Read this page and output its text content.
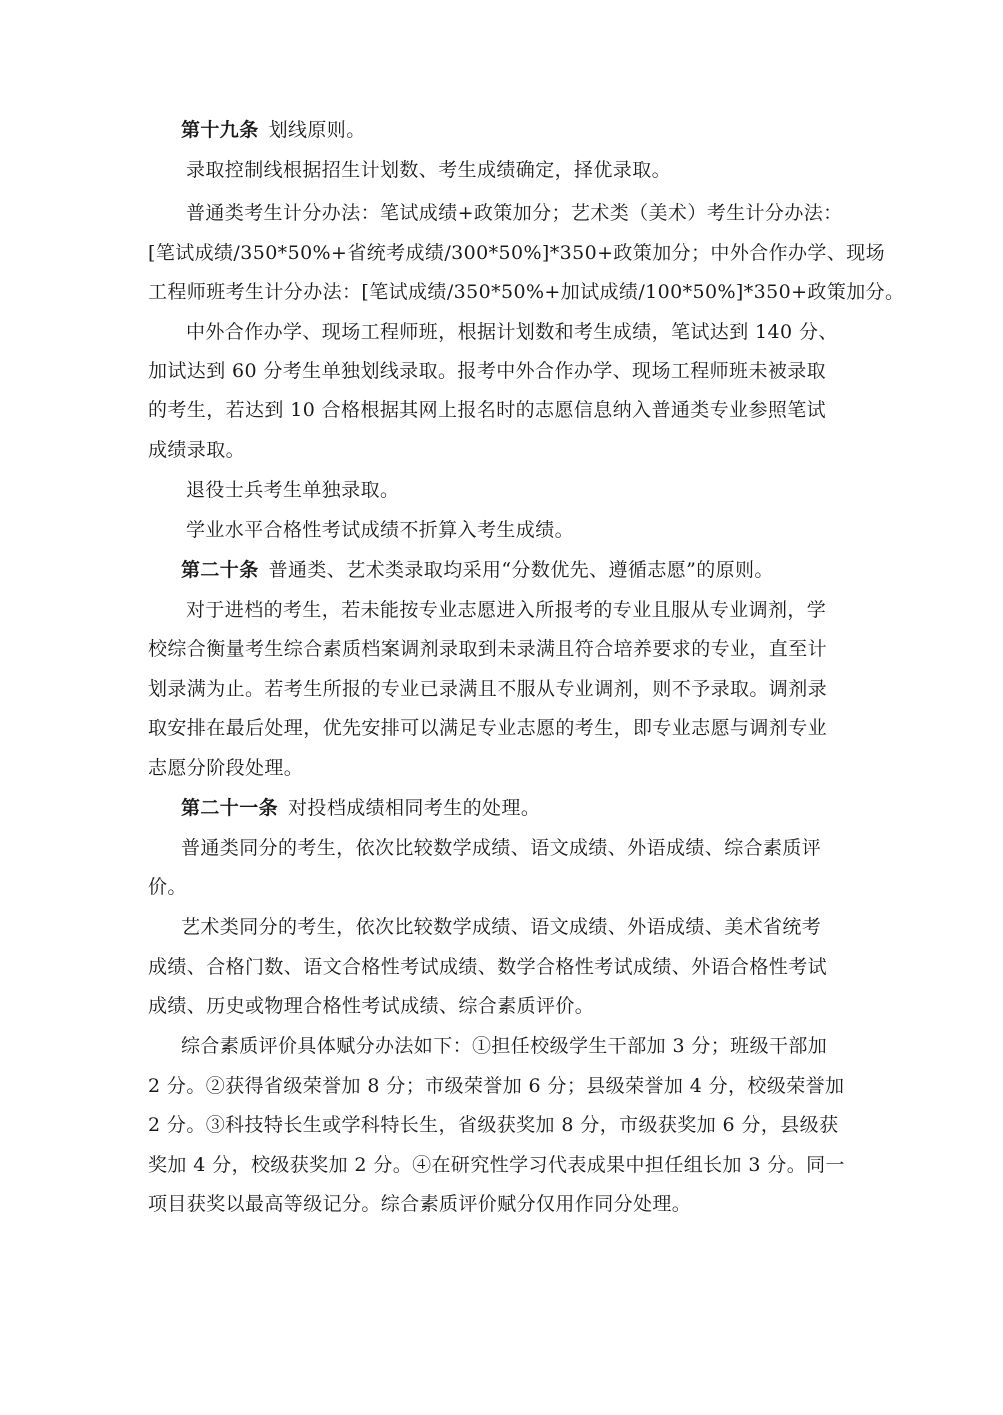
第十九条 划线原则。
录取控制线根据招生计划数、考生成绩确定，择优录取。
普通类考生计分办法：笔试成绩+政策加分；艺术类（美术）考生计分办法：
[笔试成绩/350*50%+省统考成绩/300*50%]*350+政策加分；中外合作办学、现场
工程师班考生计分办法：[笔试成绩/350*50%+加试成绩/100*50%]*350+政策加分。
中外合作办学、现场工程师班，根据计划数和考生成绩，笔试达到 140 分、
加试达到 60 分考生单独划线录取。报考中外合作办学、现场工程师班未被录取
的考生，若达到 10 合格根据其网上报名时的志愿信息纳入普通类专业参照笔试
成绩录取。
退役士兵考生单独录取。
学业水平合格性考试成绩不折算入考生成绩。
第二十条 普通类、艺术类录取均采用“分数优先、遵循志愿”的原则。
对于进档的考生，若未能按专业志愿进入所报考的专业且服从专业调剂，学
校综合衡量考生综合素质档案调剂录取到未录满且符合培养要求的专业，直至计
划录满为止。若考生所报的专业已录满且不服从专业调剂，则不予录取。调剂录
取安排在最后处理，优先安排可以满足专业志愿的考生，即专业志愿与调剂专业
志愿分阶段处理。
第二十一条 对投档成绩相同考生的处理。
普通类同分的考生，依次比较数学成绩、语文成绩、外语成绩、综合素质评
价。
艺术类同分的考生，依次比较数学成绩、语文成绩、外语成绩、美术省统考
成绩、合格门数、语文合格性考试成绩、数学合格性考试成绩、外语合格性考试
成绩、历史或物理合格性考试成绩、综合素质评价。
综合素质评价具体赋分办法如下：①担任校级学生干部加 3 分；班级干部加
2 分。②获得省级荣誉加 8 分；市级荣誉加 6 分；县级荣誉加 4 分，校级荣誉加
2 分。③科技特长生或学科特长生，省级获奖加 8 分，市级获奖加 6 分，县级获
奖加 4 分，校级获奖加 2 分。④在研究性学习代表成果中担任组长加 3 分。同一
项目获奖以最高等级记分。综合素质评价赋分仅用作同分处理。
